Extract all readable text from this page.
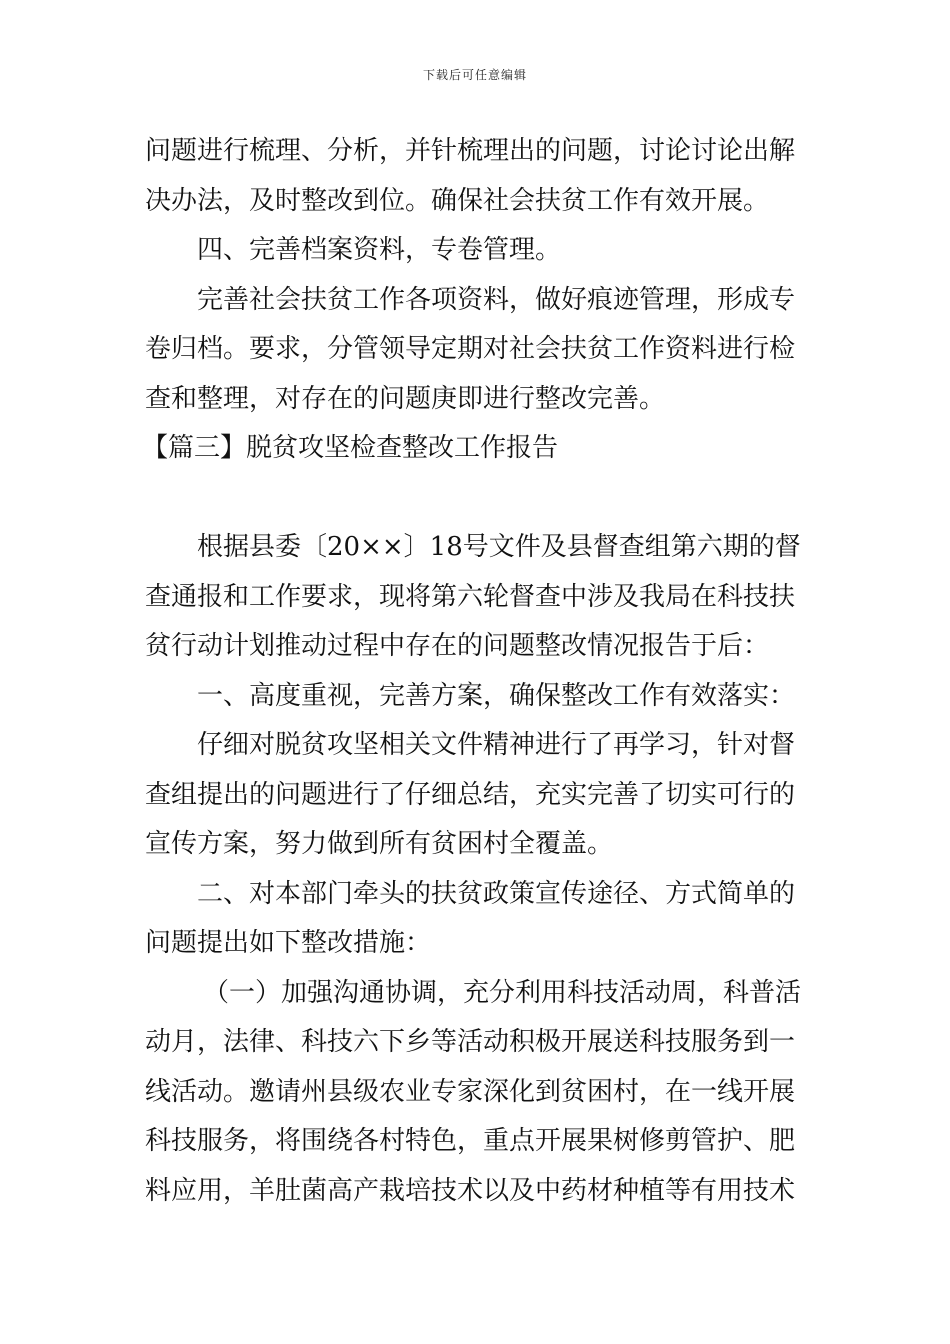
下载后可任意编辑
问题进行梳理、分析，并针梳理出的问题，讨论讨论出解
决办法，及时整改到位。确保社会扶贫工作有效开展。
四、完善档案资料，专卷管理。
完善社会扶贫工作各项资料，做好痕迹管理，形成专
卷归档。要求，分管领导定期对社会扶贫工作资料进行检
查和整理，对存在的问题庚即进行整改完善。
【篇三】脱贫攻坚检查整改工作报告
根据县委〔20××〕18号文件及县督查组第六期的督
查通报和工作要求，现将第六轮督查中涉及我局在科技扶
贫行动计划推动过程中存在的问题整改情况报告于后：
一、高度重视，完善方案，确保整改工作有效落实：
仔细对脱贫攻坚相关文件精神进行了再学习，针对督
查组提出的问题进行了仔细总结，充实完善了切实可行的
宣传方案，努力做到所有贫困村全覆盖。
二、对本部门牵头的扶贫政策宣传途径、方式简单的
问题提出如下整改措施：
（一）加强沟通协调，充分利用科技活动周，科普活
动月，法律、科技六下乡等活动积极开展送科技服务到一
线活动。邀请州县级农业专家深化到贫困村，在一线开展
科技服务，将围绕各村特色，重点开展果树修剪管护、肥
料应用，羊肚菌高产栽培技术以及中药材种植等有用技术
